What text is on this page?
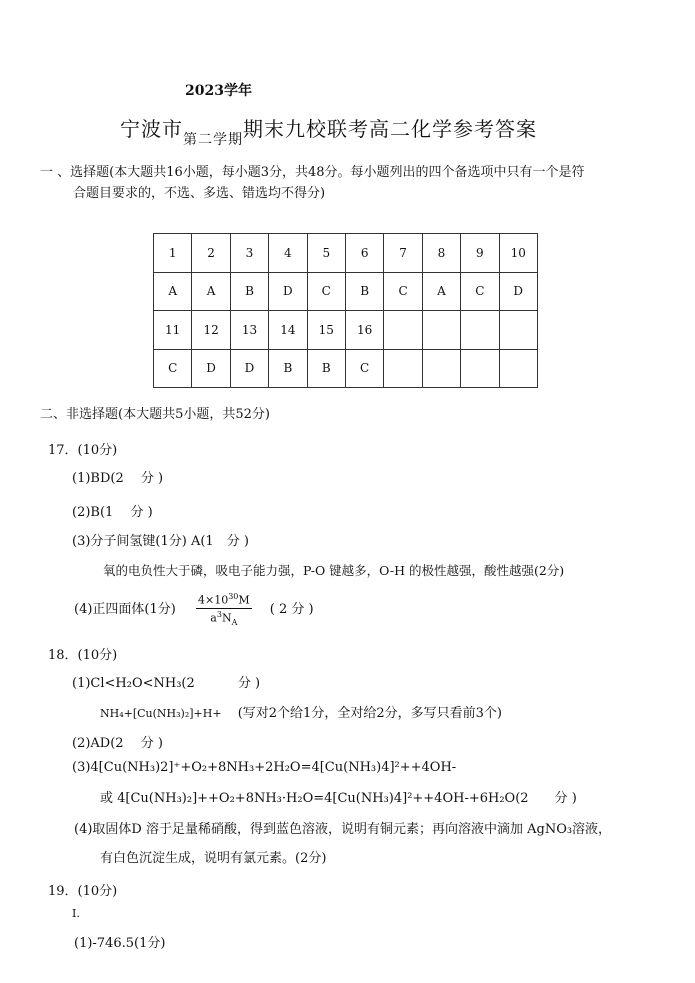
2023学年
宁波市$_{第二学期}$期末九校联考高二化学参考答案
一 、选择题(本大题共16小题，每小题3分，共48分。每小题列出的四个备选项中只有一个是符
合题目要求的，不选、多选、错选均不得分)
1	2	3	4	5	6	7	8	9	10
A	A	B	D	C	B	C	A	C	D
11	12	13	14	15	16				
C	D	D	B	B	C				
二、非选择题(本大题共5小题，共52分)
17．(10分)
(1)BD(2　 分 )
(2)B(1　 分 )
(3)分子间氢键(1分) A(1　分 )
氧的电负性大于磷，吸电子能力强，P-O 键越多，O-H 的极性越强，酸性越强(2分)
(4)正四面体(1分) $\frac{4\times 10^{30}M}{a^3N_A}$ ( 2 分 )
18．(10分)
(1)Cl<H₂O<NH₃(2　　　 分 )
NH₄+[Cu(NH₃)₂]+H+ (写对2个给1分，全对给2分，多写只看前3个)
(2)AD(2　 分 )
(3)4[Cu(NH₃)2]⁺+O₂+8NH₃+2H₂O=4[Cu(NH₃)4]²++4OH-
或 4[Cu(NH₃)₂]++O₂+8NH₃·H₂O=4[Cu(NH₃)4]²++4OH-+6H₂O(2　　分 )
(4)取固体D 溶于足量稀硝酸，得到蓝色溶液，说明有铜元素；再向溶液中滴加 AgNO₃溶液，
有白色沉淀生成，说明有氯元素。(2分)
19．(10分)
I.
(1)-746.5(1分)
